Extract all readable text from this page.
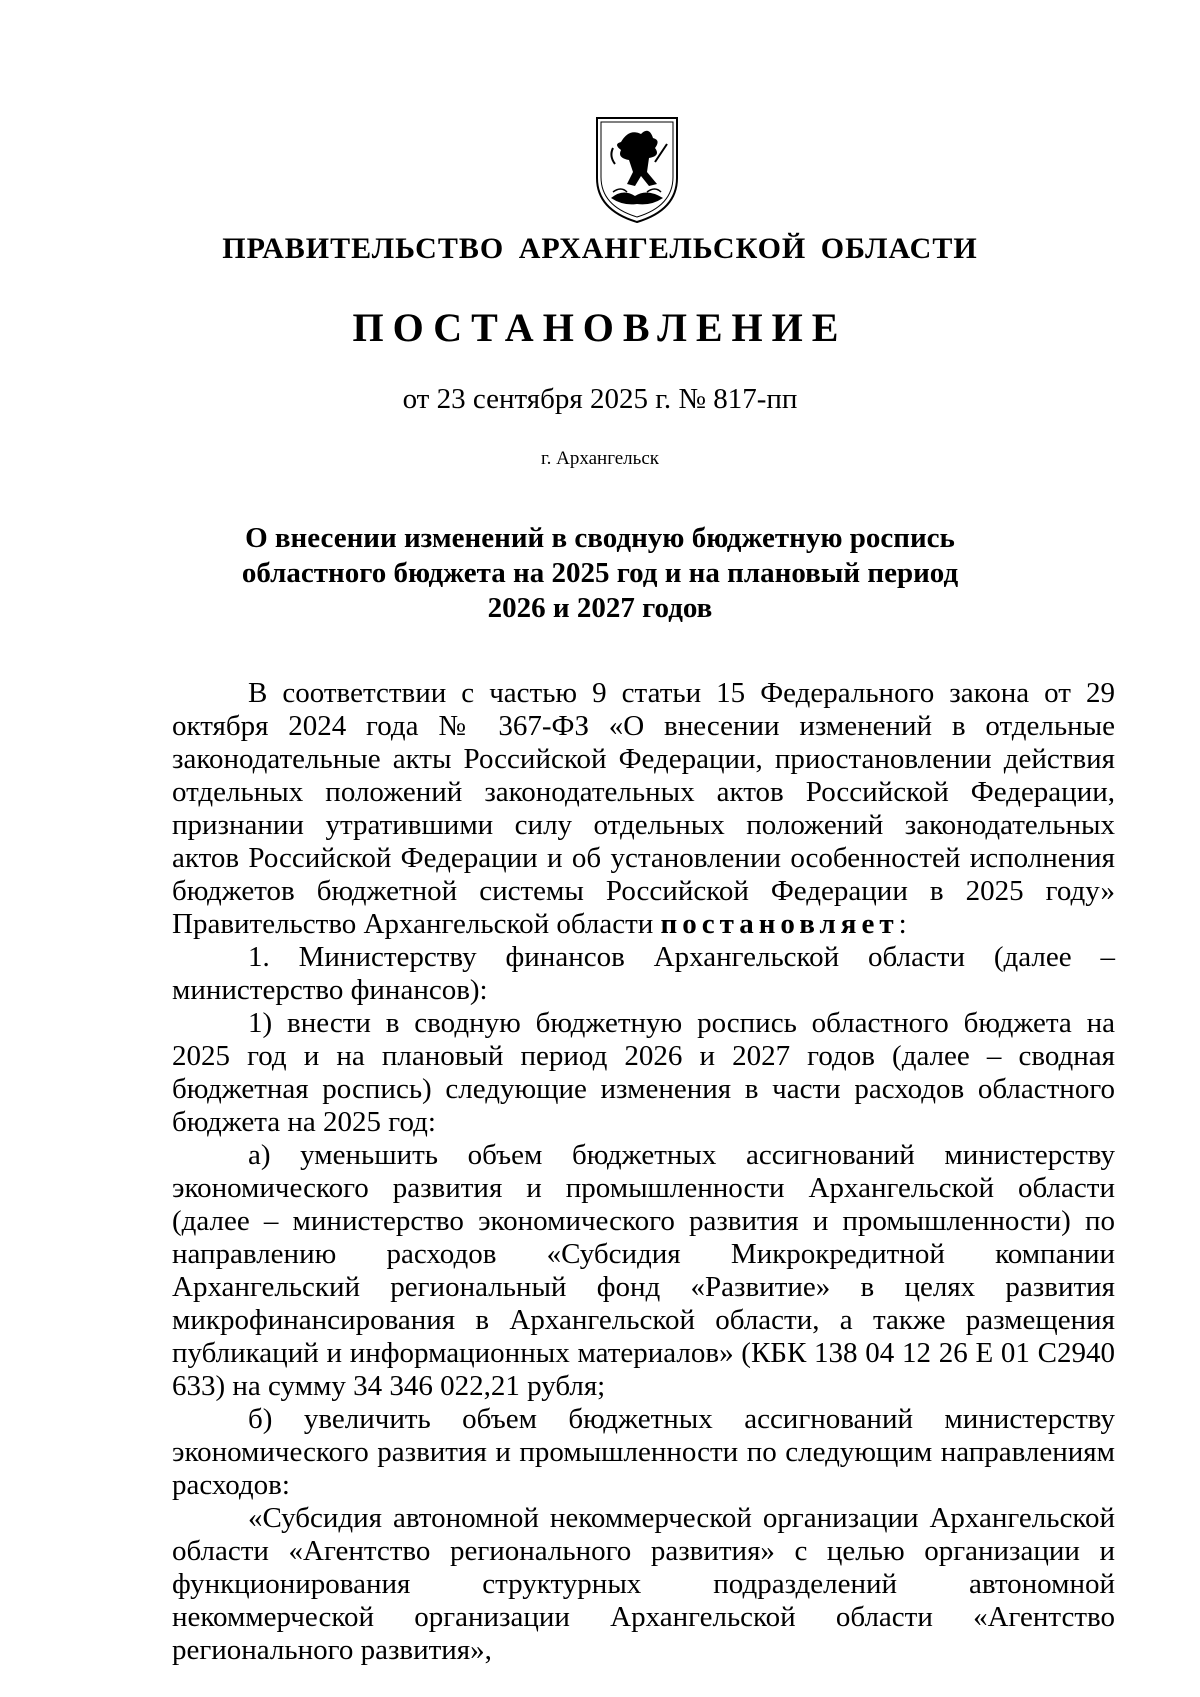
ПРАВИТЕЛЬСТВО АРХАНГЕЛЬСКОЙ ОБЛАСТИ
ПОСТАНОВЛЕНИЕ
от 23 сентября 2025 г. № 817-пп
г. Архангельск
О внесении изменений в сводную бюджетную роспись
областного бюджета на 2025 год и на плановый период
2026 и 2027 годов

В соответствии с частью 9 статьи 15 Федерального закона от 29 октября 2024 года № 367-ФЗ «О внесении изменений в отдельные законодательные акты Российской Федерации, приостановлении действия отдельных положений законодательных актов Российской Федерации, признании утратившими силу отдельных положений законодательных актов Российской Федерации и об установлении особенностей исполнения бюджетов бюджетной системы Российской Федерации в 2025 году» Правительство Архангельской области постановляет:

1. Министерству финансов Архангельской области (далее – министерство финансов):

1) внести в сводную бюджетную роспись областного бюджета на 2025 год и на плановый период 2026 и 2027 годов (далее – сводная бюджетная роспись) следующие изменения в части расходов областного бюджета на 2025 год:

а) уменьшить объем бюджетных ассигнований министерству экономического развития и промышленности Архангельской области (далее – министерство экономического развития и промышленности) по направлению расходов «Субсидия Микрокредитной компании Архангельский региональный фонд «Развитие» в целях развития микрофинансирования в Архангельской области, а также размещения публикаций и информационных материалов» (КБК 138 04 12 26 Е 01 С2940 633) на сумму 34 346 022,21 рубля;

б) увеличить объем бюджетных ассигнований министерству экономического развития и промышленности по следующим направлениям расходов:

«Субсидия автономной некоммерческой организации Архангельской области «Агентство регионального развития» с целью организации и функционирования структурных подразделений автономной некоммерческой организации Архангельской области «Агентство регионального развития»,
